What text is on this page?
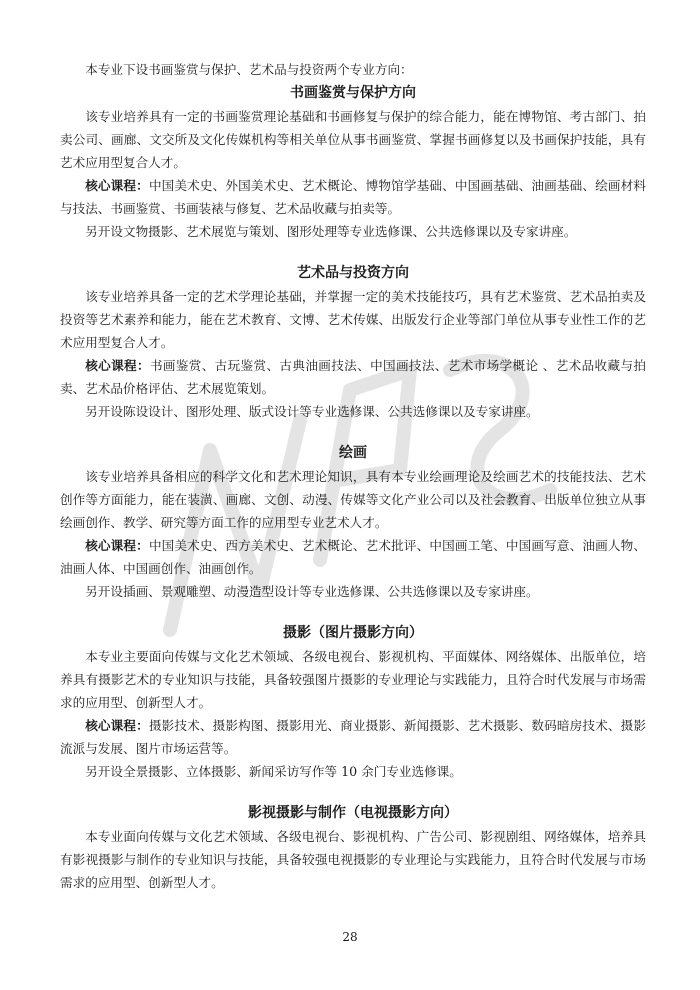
本专业下设书画鉴赏与保护、艺术品与投资两个专业方向：

书画鉴赏与保护方向

该专业培养具有一定的书画鉴赏理论基础和书画修复与保护的综合能力，能在博物馆、考古部门、拍卖公司、画廊、文交所及文化传媒机构等相关单位从事书画鉴赏、掌握书画修复以及书画保护技能，具有艺术应用型复合人才。

核心课程：中国美术史、外国美术史、艺术概论、博物馆学基础、中国画基础、油画基础、绘画材料与技法、书画鉴赏、书画装裱与修复、艺术品收藏与拍卖等。

另开设文物摄影、艺术展览与策划、图形处理等专业选修课、公共选修课以及专家讲座。

艺术品与投资方向

该专业培养具备一定的艺术学理论基础，并掌握一定的美术技能技巧，具有艺术鉴赏、艺术品拍卖及投资等艺术素养和能力，能在艺术教育、文博、艺术传媒、出版发行企业等部门单位从事专业性工作的艺术应用型复合人才。

核心课程：书画鉴赏、古玩鉴赏、古典油画技法、中国画技法、艺术市场学概论 、艺术品收藏与拍卖、艺术品价格评估、艺术展览策划。

另开设陈设设计、图形处理、版式设计等专业选修课、公共选修课以及专家讲座。

绘画

该专业培养具备相应的科学文化和艺术理论知识，具有本专业绘画理论及绘画艺术的技能技法、艺术创作等方面能力，能在装潢、画廊、文创、动漫、传媒等文化产业公司以及社会教育、出版单位独立从事绘画创作、教学、研究等方面工作的应用型专业艺术人才。

核心课程：中国美术史、西方美术史、艺术概论、艺术批评、中国画工笔、中国画写意、油画人物、油画人体、中国画创作、油画创作。

另开设插画、景观雕塑、动漫造型设计等专业选修课、公共选修课以及专家讲座。

摄影（图片摄影方向）

本专业主要面向传媒与文化艺术领域、各级电视台、影视机构、平面媒体、网络媒体、出版单位，培养具有摄影艺术的专业知识与技能，具备较强图片摄影的专业理论与实践能力，且符合时代发展与市场需求的应用型、创新型人才。

核心课程：摄影技术、摄影构图、摄影用光、商业摄影、新闻摄影、艺术摄影、数码暗房技术、摄影流派与发展、图片市场运营等。

另开设全景摄影、立体摄影、新闻采访写作等 10 余门专业选修课。

影视摄影与制作（电视摄影方向）

本专业面向传媒与文化艺术领域、各级电视台、影视机构、广告公司、影视剧组、网络媒体，培养具有影视摄影与制作的专业知识与技能，具备较强电视摄影的专业理论与实践能力，且符合时代发展与市场需求的应用型、创新型人才。

28
